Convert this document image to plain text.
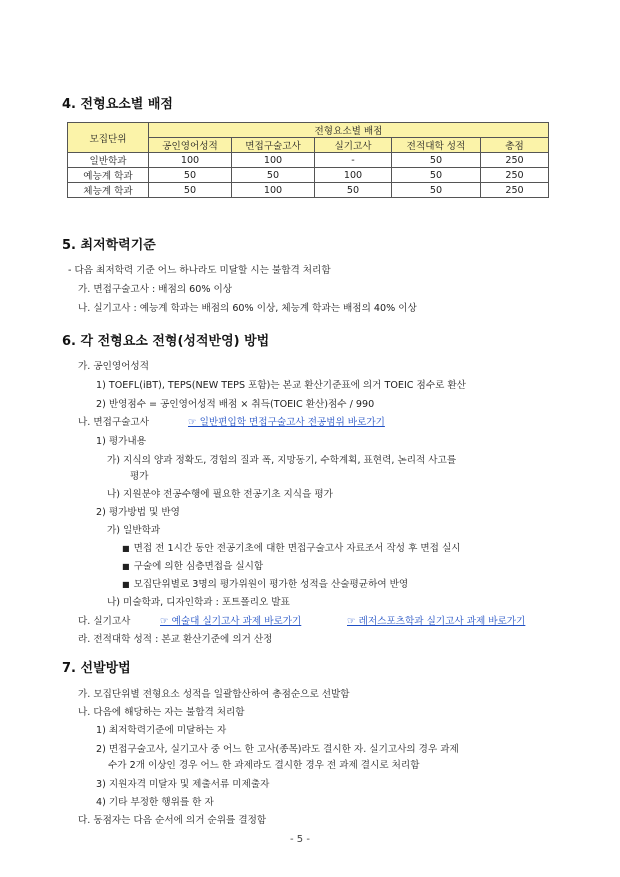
4. 전형요소별 배점
모집단위	전형요소별 배점				
	공인영어성적	면접구술고사	실기고사	전적대학 성적	총점
일반학과	100	100	-	50	250
예능계 학과	50	50	100	50	250
체능계 학과	50	100	50	50	250
5. 최저학력기준
- 다음 최저학력 기준 어느 하나라도 미달할 시는 불합격 처리함
가. 면접구술고사 : 배점의 60% 이상
나. 실기고사 : 예능계 학과는 배점의 60% 이상, 체능계 학과는 배점의 40% 이상
6. 각 전형요소 전형(성적반영) 방법
가. 공인영어성적
1) TOEFL(iBT), TEPS(NEW TEPS 포함)는 본교 환산기준표에 의거 TOEIC 점수로 환산
2) 반영점수 = 공인영어성적 배점 × 취득(TOEIC 환산)점수 / 990
나. 면접구술고사	☞ 일반편입학 면접구술고사 전공범위 바로가기
1) 평가내용
가) 지식의 양과 정확도, 경험의 질과 폭, 지망동기, 수학계획, 표현력, 논리적 사고를
평가
나) 지원분야 전공수행에 필요한 전공기초 지식을 평가
2) 평가방법 및 반영
가) 일반학과
■ 면접 전 1시간 동안 전공기초에 대한 면접구술고사 자료조서 작성 후 면접 실시
■ 구술에 의한 심층면접을 실시함
■ 모집단위별로 3명의 평가위원이 평가한 성적을 산술평균하여 반영
나) 미술학과, 디자인학과 : 포트폴리오 발표
다. 실기고사	☞ 예술대 실기고사 과제 바로가기	☞ 레저스포츠학과 실기고사 과제 바로가기
라. 전적대학 성적 : 본교 환산기준에 의거 산정
7. 선발방법
가. 모집단위별 전형요소 성적을 일괄합산하여 총점순으로 선발함
나. 다음에 해당하는 자는 불합격 처리함
1) 최저학력기준에 미달하는 자
2) 면접구술고사, 실기고사 중 어느 한 고사(종목)라도 결시한 자. 실기고사의 경우 과제
수가 2개 이상인 경우 어느 한 과제라도 결시한 경우 전 과제 결시로 처리함
3) 지원자격 미달자 및 제출서류 미제출자
4) 기타 부정한 행위를 한 자
다. 동점자는 다음 순서에 의거 순위를 결정함
- 5 -
